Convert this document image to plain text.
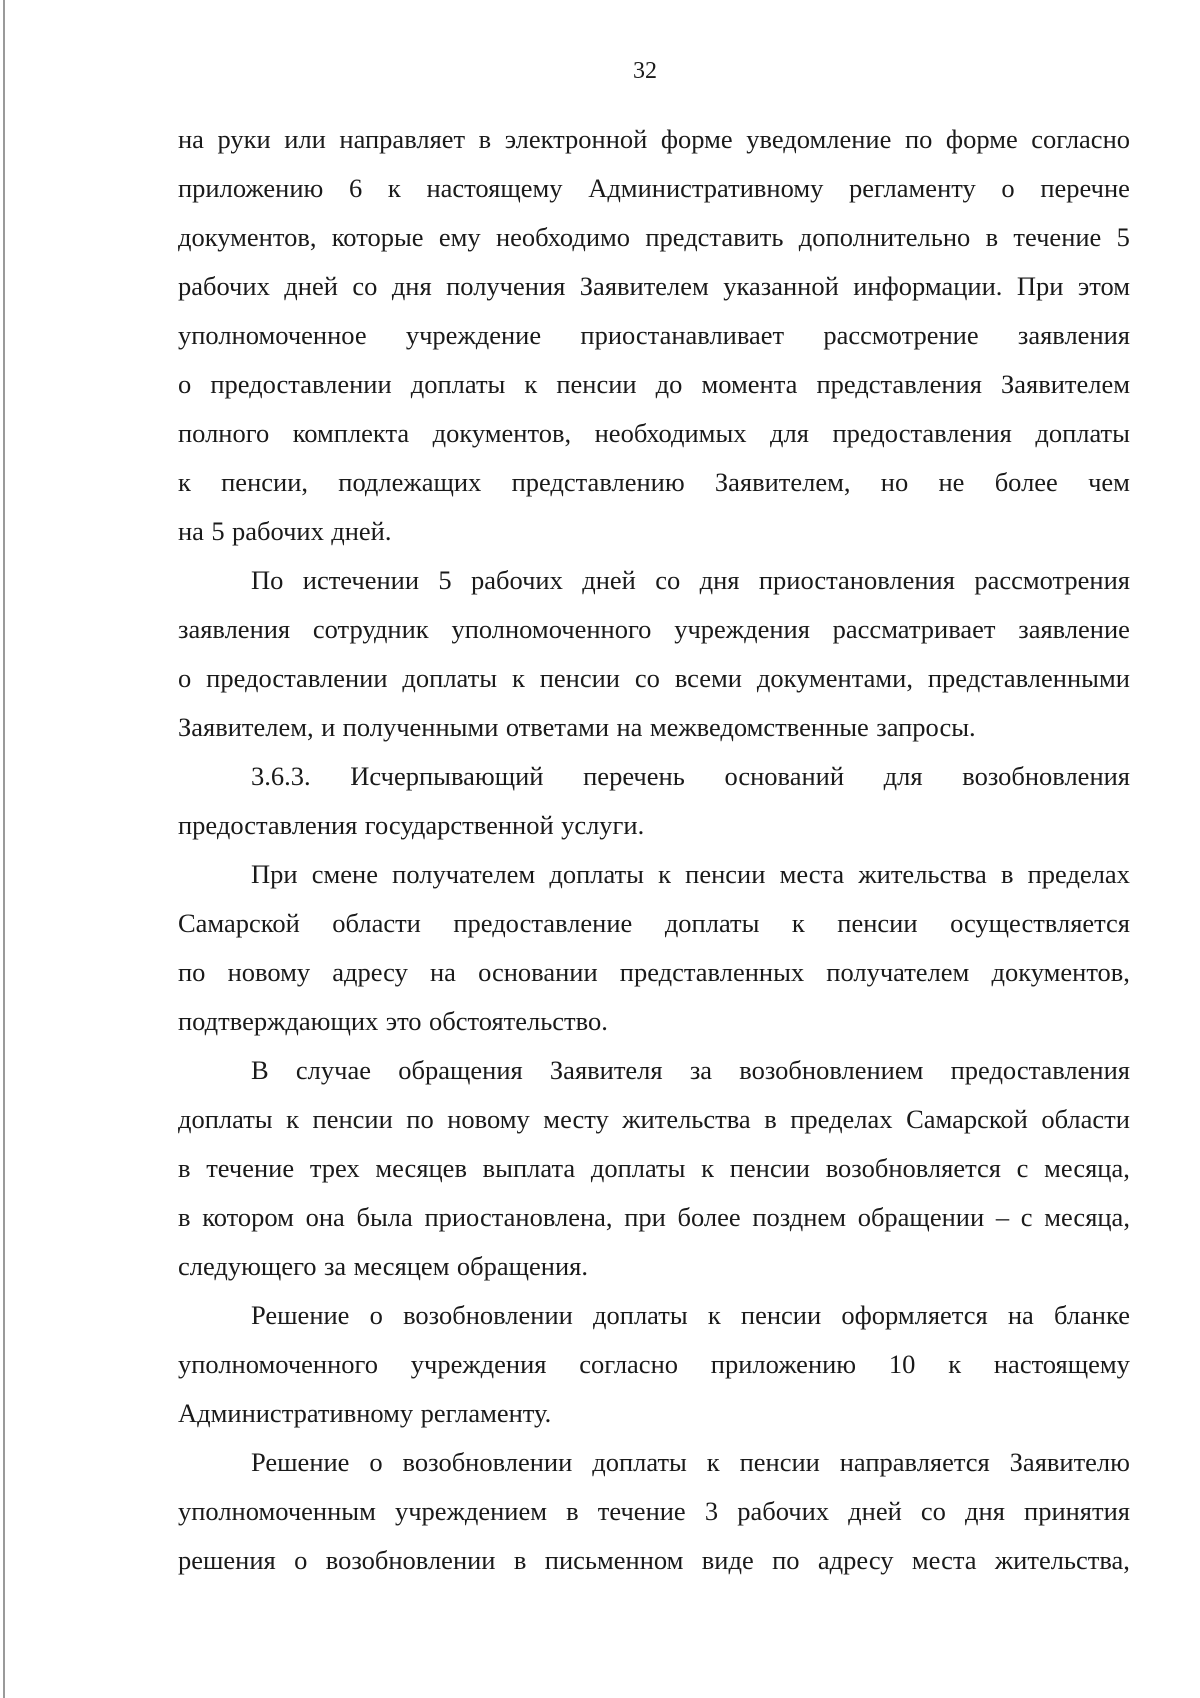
32
на руки или направляет в электронной форме уведомление по форме согласно
приложению 6 к настоящему Административному регламенту о перечне
документов, которые ему необходимо представить дополнительно в течение 5
рабочих дней со дня получения Заявителем указанной информации. При этом
уполномоченное учреждение приостанавливает рассмотрение заявления
о предоставлении доплаты к пенсии до момента представления Заявителем
полного комплекта документов, необходимых для предоставления доплаты
к пенсии, подлежащих представлению Заявителем, но не более чем
на 5 рабочих дней.
По истечении 5 рабочих дней со дня приостановления рассмотрения
заявления сотрудник уполномоченного учреждения рассматривает заявление
о предоставлении доплаты к пенсии со всеми документами, представленными
Заявителем, и полученными ответами на межведомственные запросы.
3.6.3. Исчерпывающий перечень оснований для возобновления
предоставления государственной услуги.
При смене получателем доплаты к пенсии места жительства в пределах
Самарской области предоставление доплаты к пенсии осуществляется
по новому адресу на основании представленных получателем документов,
подтверждающих это обстоятельство.
В случае обращения Заявителя за возобновлением предоставления
доплаты к пенсии по новому месту жительства в пределах Самарской области
в течение трех месяцев выплата доплаты к пенсии возобновляется с месяца,
в котором она была приостановлена, при более позднем обращении – с месяца,
следующего за месяцем обращения.
Решение о возобновлении доплаты к пенсии оформляется на бланке
уполномоченного учреждения согласно приложению 10 к настоящему
Административному регламенту.
Решение о возобновлении доплаты к пенсии направляется Заявителю
уполномоченным учреждением в течение 3 рабочих дней со дня принятия
решения о возобновлении в письменном виде по адресу места жительства,
